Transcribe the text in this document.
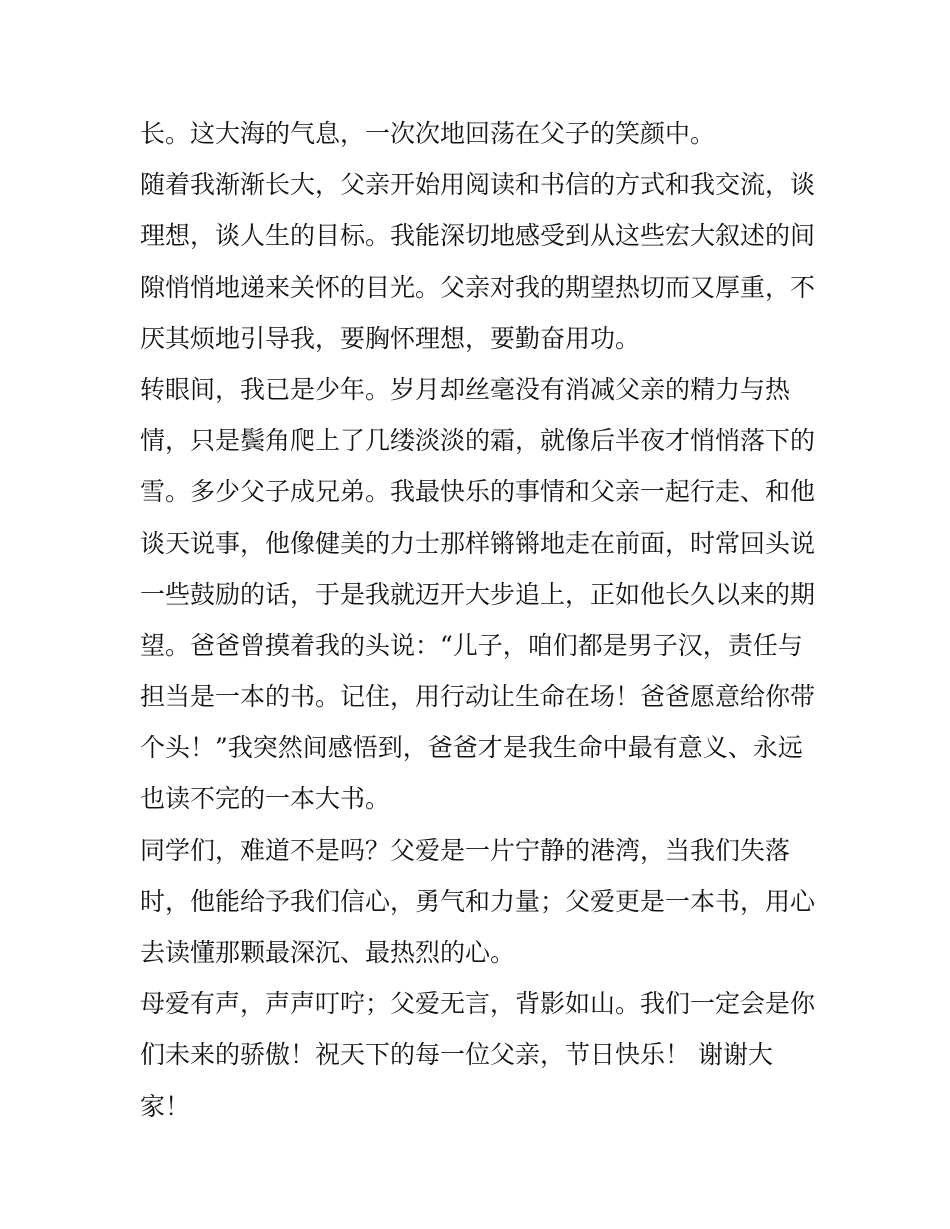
长。这大海的气息，一次次地回荡在父子的笑颜中。
随着我渐渐长大，父亲开始用阅读和书信的方式和我交流，谈
理想，谈人生的目标。我能深切地感受到从这些宏大叙述的间
隙悄悄地递来关怀的目光。父亲对我的期望热切而又厚重，不
厌其烦地引导我，要胸怀理想，要勤奋用功。
转眼间，我已是少年。岁月却丝毫没有消减父亲的精力与热
情，只是鬓角爬上了几缕淡淡的霜，就像后半夜才悄悄落下的
雪。多少父子成兄弟。我最快乐的事情和父亲一起行走、和他
谈天说事，他像健美的力士那样锵锵地走在前面，时常回头说
一些鼓励的话，于是我就迈开大步追上，正如他长久以来的期
望。爸爸曾摸着我的头说：“儿子，咱们都是男子汉，责任与
担当是一本的书。记住，用行动让生命在场！爸爸愿意给你带
个头！”我突然间感悟到，爸爸才是我生命中最有意义、永远
也读不完的一本大书。
同学们，难道不是吗？父爱是一片宁静的港湾，当我们失落
时，他能给予我们信心，勇气和力量；父爱更是一本书，用心
去读懂那颗最深沉、最热烈的心。
母爱有声，声声叮咛；父爱无言，背影如山。我们一定会是你
们未来的骄傲！祝天下的每一位父亲，节日快乐！ 谢谢大
家！
